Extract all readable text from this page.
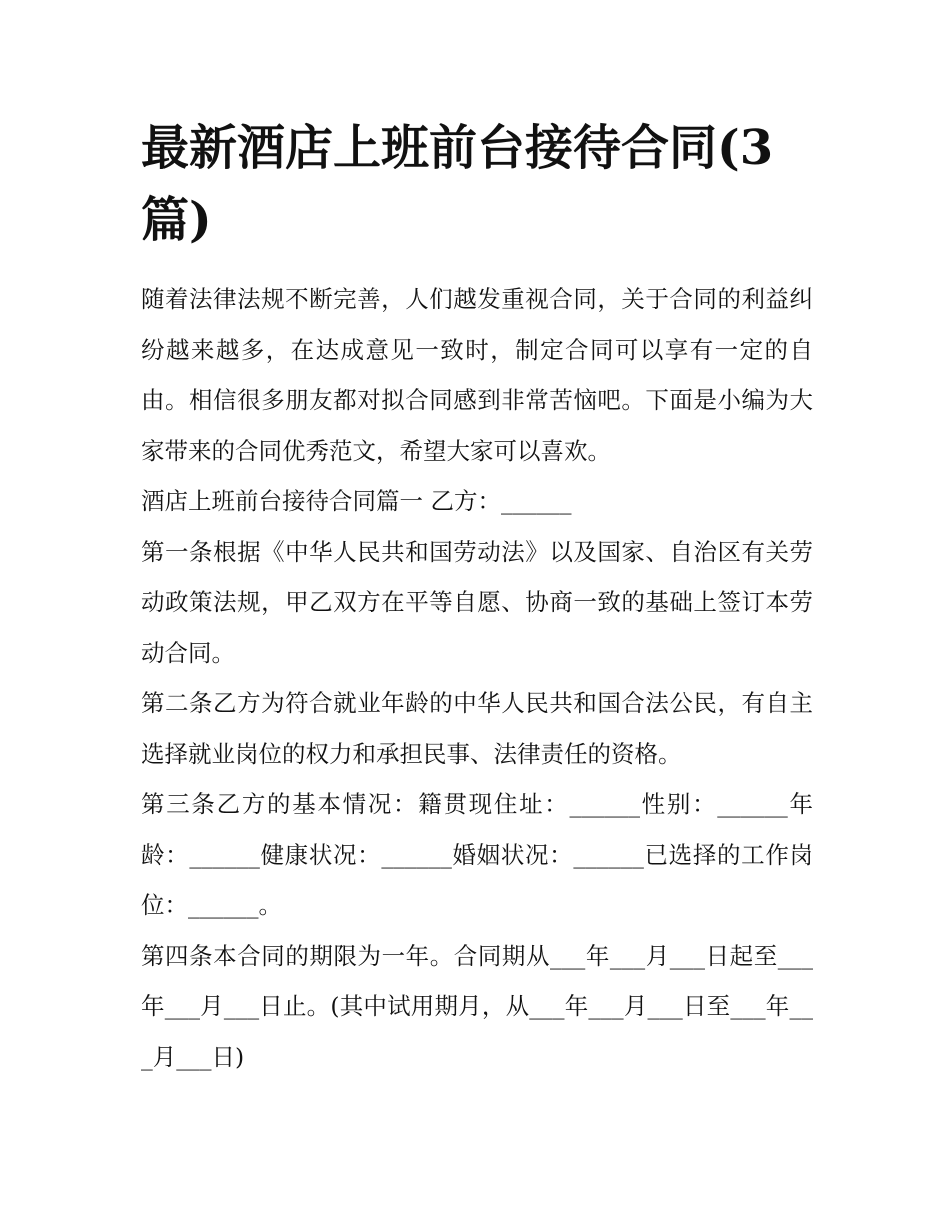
最新酒店上班前台接待合同(3篇)

随着法律法规不断完善，人们越发重视合同，关于合同的利益纠纷越来越多，在达成意见一致时，制定合同可以享有一定的自由。相信很多朋友都对拟合同感到非常苦恼吧。下面是小编为大家带来的合同优秀范文，希望大家可以喜欢。

酒店上班前台接待合同篇一 乙方：______

第一条根据《中华人民共和国劳动法》以及国家、自治区有关劳动政策法规，甲乙双方在平等自愿、协商一致的基础上签订本劳动合同。

第二条乙方为符合就业年龄的中华人民共和国合法公民，有自主选择就业岗位的权力和承担民事、法律责任的资格。

第三条乙方的基本情况：籍贯现住址：______性别：______年龄：______健康状况：______婚姻状况：______已选择的工作岗位：______。

第四条本合同的期限为一年。合同期从___年___月___日起至___年___月___日止。(其中试用期月，从___年___月___日至___年___月___日)
